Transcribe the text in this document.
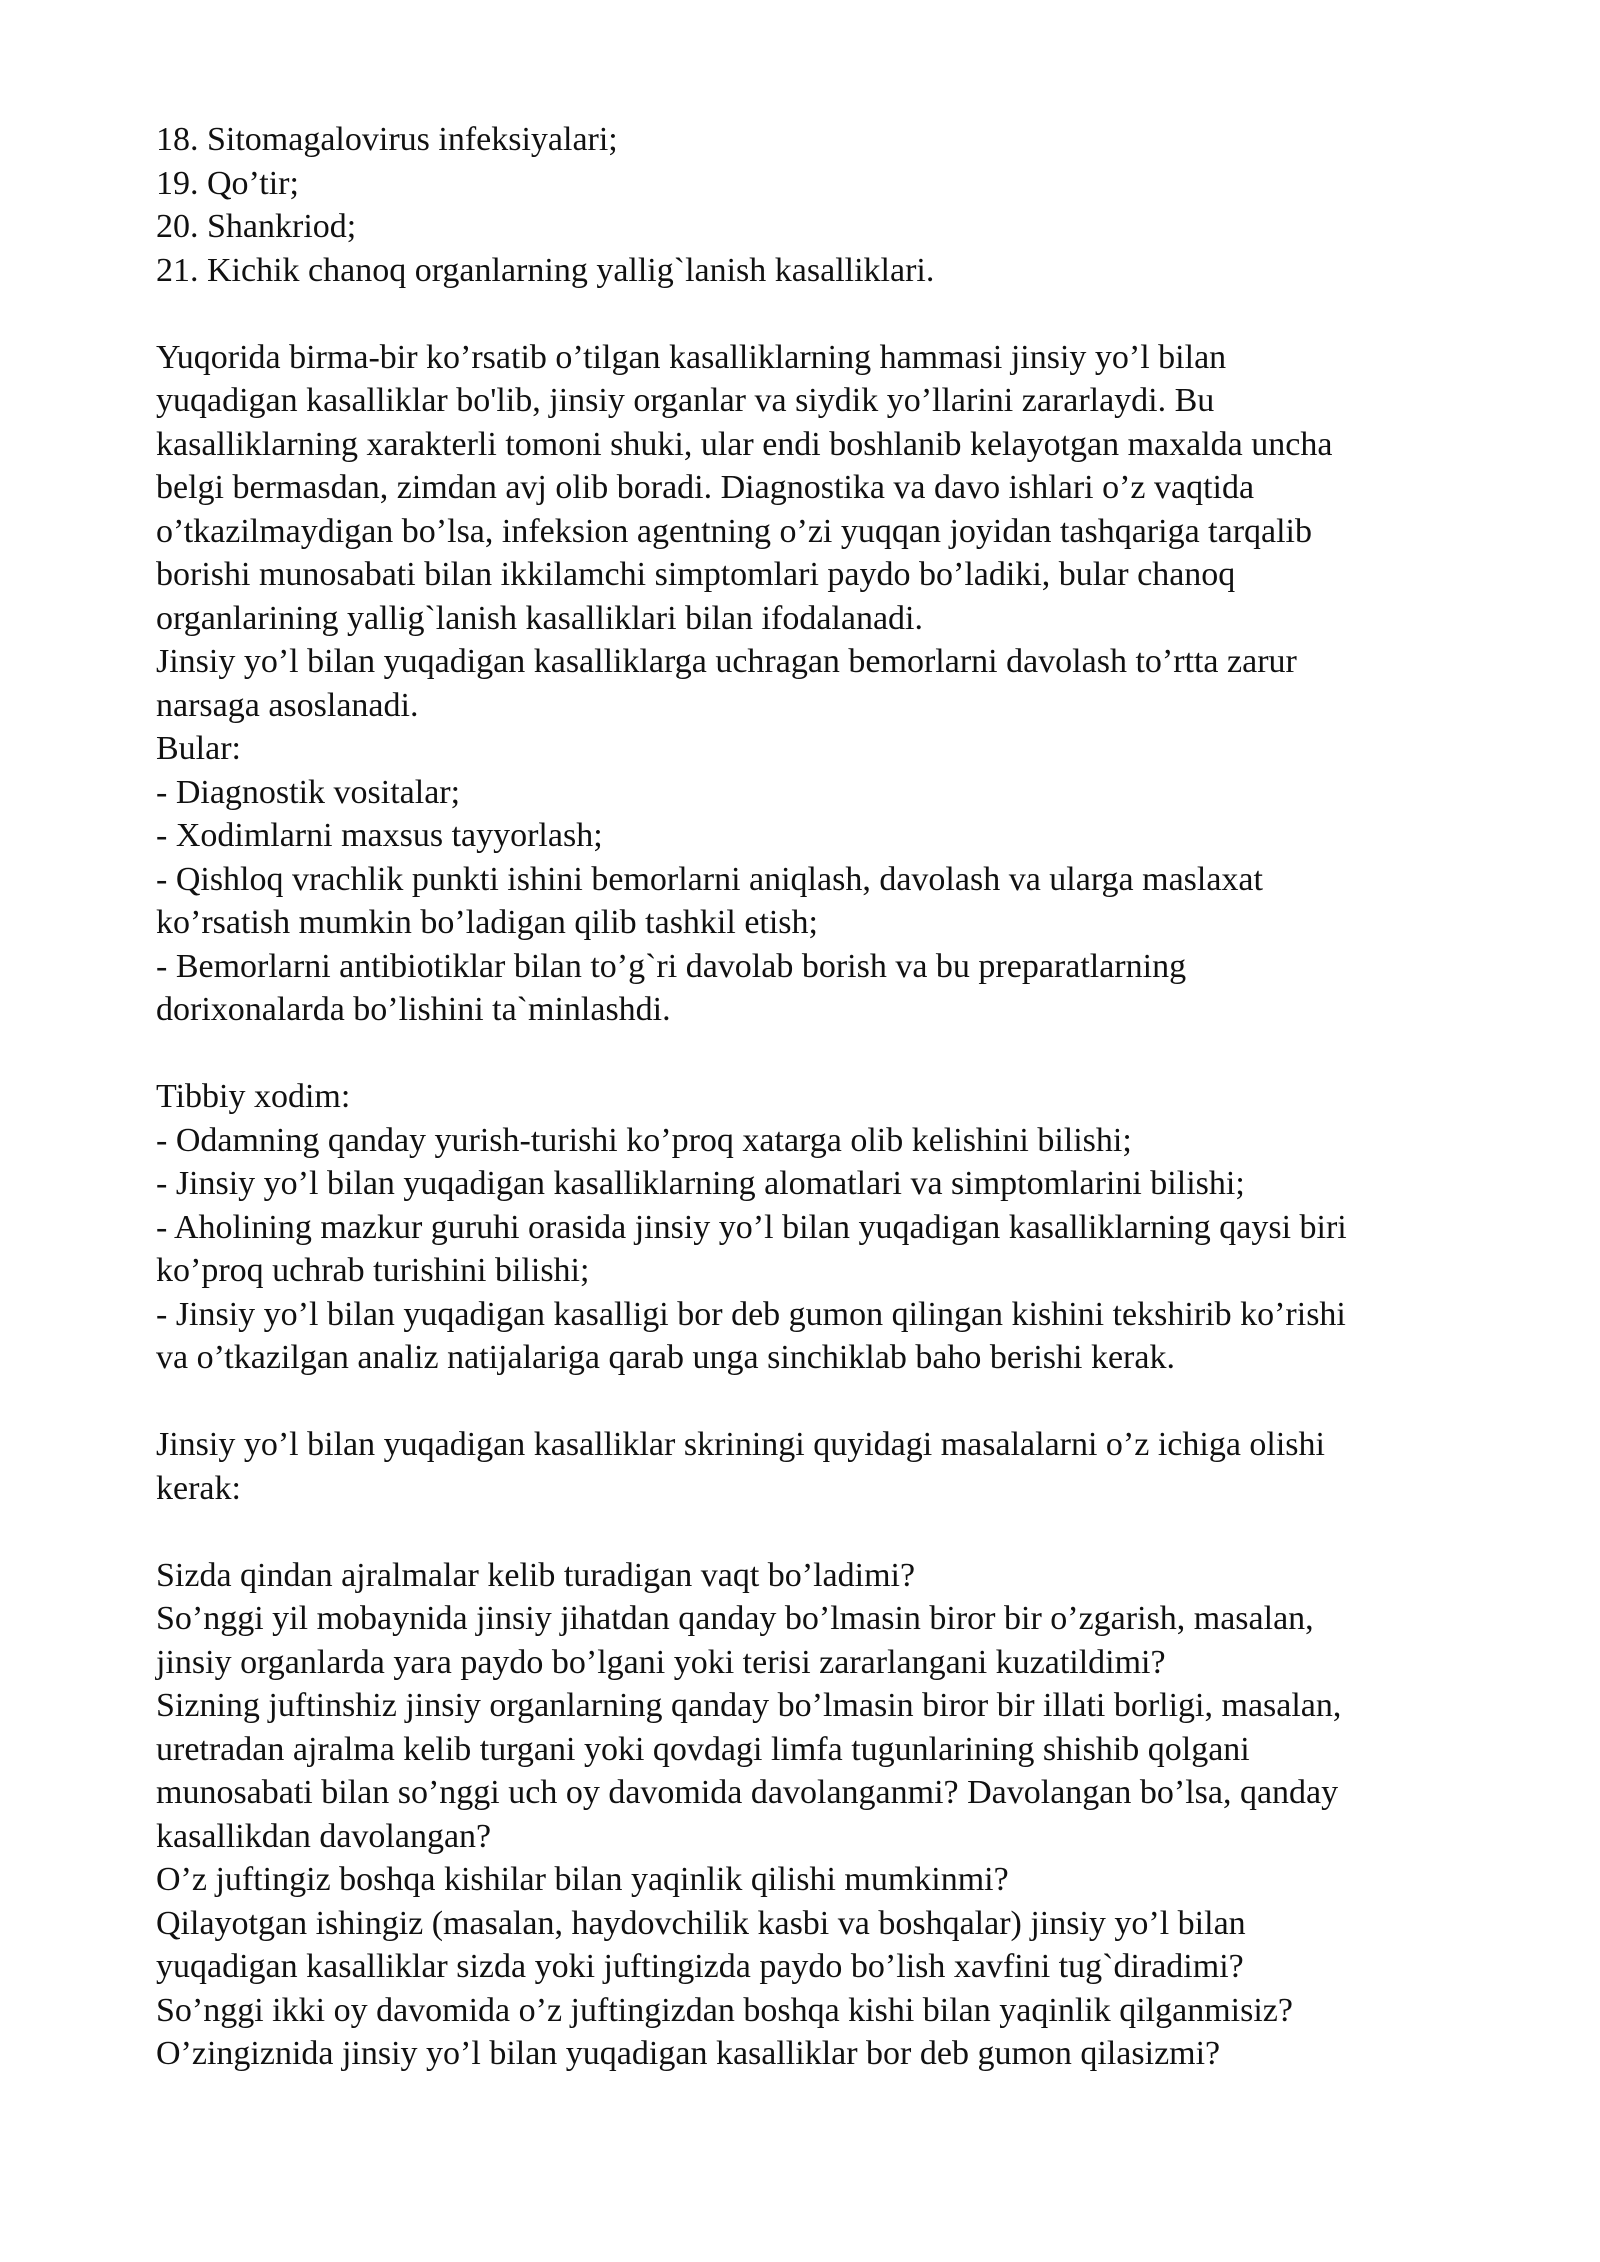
18. Sitomagalovirus infeksiyalari;
19. Qo’tir;
20. Shankriod;
21. Kichik chanoq organlarning yallig`lanish kasalliklari.
Yuqorida birma-bir ko’rsatib o’tilgan kasalliklarning hammasi jinsiy yo’l bilan
yuqadigan kasalliklar bo'lib, jinsiy organlar va siydik yo’llarini zararlaydi. Bu
kasalliklarning xarakterli tomoni shuki, ular endi boshlanib kelayotgan maxalda uncha
belgi bermasdan, zimdan avj olib boradi. Diagnostika va davo ishlari o’z vaqtida
o’tkazilmaydigan bo’lsa, infeksion agentning o’zi yuqqan joyidan tashqariga tarqalib
borishi munosabati bilan ikkilamchi simptomlari paydo bo’ladiki, bular chanoq
organlarining yallig`lanish kasalliklari bilan ifodalanadi.
Jinsiy yo’l bilan yuqadigan kasalliklarga uchragan bemorlarni davolash to’rtta zarur
narsaga asoslanadi.
Bular:
- Diagnostik vositalar;
- Xodimlarni maxsus tayyorlash;
- Qishloq vrachlik punkti ishini bemorlarni aniqlash, davolash va ularga maslaxat
ko’rsatish mumkin bo’ladigan qilib tashkil etish;
- Bemorlarni antibiotiklar bilan to’g`ri davolab borish va bu preparatlarning
dorixonalarda bo’lishini ta`minlashdi.
Tibbiy xodim:
- Odamning qanday yurish-turishi ko’proq xatarga olib kelishini bilishi;
- Jinsiy yo’l bilan yuqadigan kasalliklarning alomatlari va simptomlarini bilishi;
- Aholining mazkur guruhi orasida jinsiy yo’l bilan yuqadigan kasalliklarning qaysi biri
ko’proq uchrab turishini bilishi;
- Jinsiy yo’l bilan yuqadigan kasalligi bor deb gumon qilingan kishini tekshirib ko’rishi
va o’tkazilgan analiz natijalariga qarab unga sinchiklab baho berishi kerak.
Jinsiy yo’l bilan yuqadigan kasalliklar skriningi quyidagi masalalarni o’z ichiga olishi
kerak:
Sizda qindan ajralmalar kelib turadigan vaqt bo’ladimi?
So’nggi yil mobaynida jinsiy jihatdan qanday bo’lmasin biror bir o’zgarish, masalan,
jinsiy organlarda yara paydo bo’lgani yoki terisi zararlangani kuzatildimi?
Sizning juftinshiz jinsiy organlarning qanday bo’lmasin biror bir illati borligi, masalan,
uretradan ajralma kelib turgani yoki qovdagi limfa tugunlarining shishib qolgani
munosabati bilan so’nggi uch oy davomida davolanganmi? Davolangan bo’lsa, qanday
kasallikdan davolangan?
O’z juftingiz boshqa kishilar bilan yaqinlik qilishi mumkinmi?
Qilayotgan ishingiz (masalan, haydovchilik kasbi va boshqalar) jinsiy yo’l bilan
yuqadigan kasalliklar sizda yoki juftingizda paydo bo’lish xavfini tug`diradimi?
So’nggi ikki oy davomida o’z juftingizdan boshqa kishi bilan yaqinlik qilganmisiz?
O’zingiznida jinsiy yo’l bilan yuqadigan kasalliklar bor deb gumon qilasizmi?
